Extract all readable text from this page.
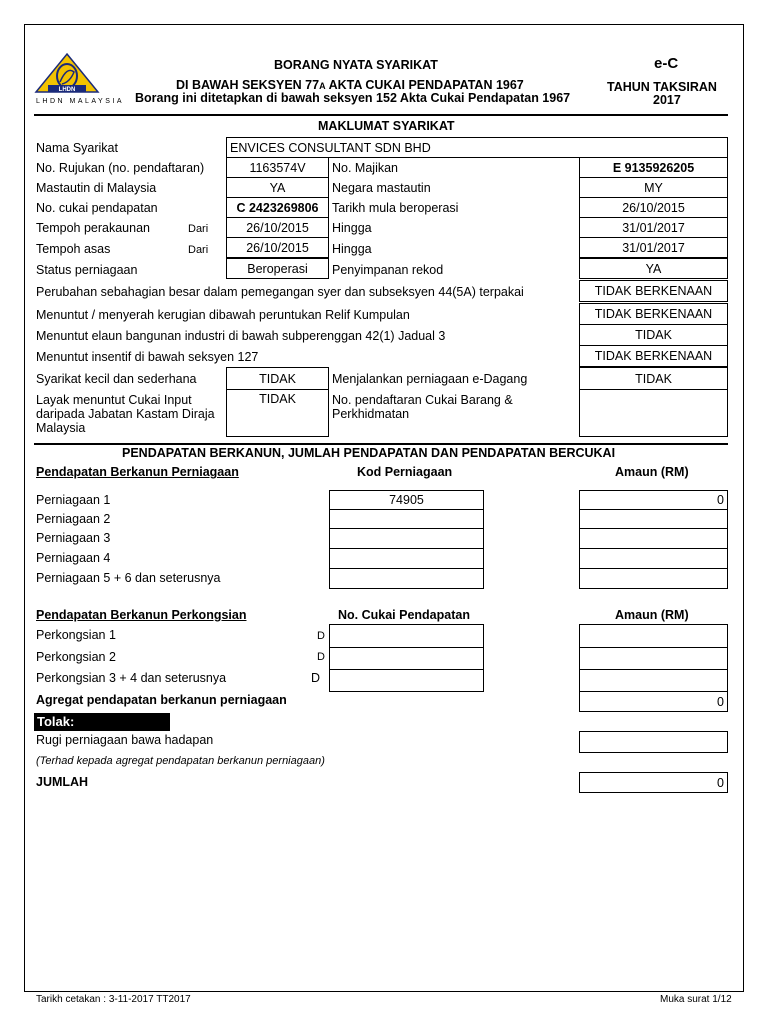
LHDN
LHDN MALAYSIA
BORANG NYATA SYARIKAT
DI BAWAH SEKSYEN 77A AKTA CUKAI PENDAPATAN 1967
Borang ini ditetapkan di bawah seksyen 152 Akta Cukai Pendapatan 1967
e-C
TAHUN TAKSIRAN
2017
MAKLUMAT SYARIKAT
Nama Syarikat	ENVICES CONSULTANT SDN BHD
No. Rujukan (no. pendaftaran)	1163574V	No. Majikan	E 9135926205
Mastautin di Malaysia	YA	Negara mastautin	MY
No. cukai pendapatan	C 2423269806	Tarikh mula beroperasi	26/10/2015
Tempoh perakaunan	Dari	26/10/2015	Hingga	31/01/2017
Tempoh asas	Dari	26/10/2015	Hingga	31/01/2017
Status perniagaan	Beroperasi	Penyimpanan rekod	YA
Perubahan sebahagian besar dalam pemegangan syer dan subseksyen 44(5A) terpakai	TIDAK BERKENAAN
Menuntut / menyerah kerugian dibawah peruntukan Relif Kumpulan	TIDAK BERKENAAN
Menuntut elaun bangunan industri di bawah subperenggan 42(1) Jadual 3	TIDAK
Menuntut insentif di bawah seksyen 127	TIDAK BERKENAAN
Syarikat kecil dan sederhana	TIDAK	Menjalankan perniagaan e-Dagang	TIDAK
Layak menuntut Cukai Input
daripada Jabatan Kastam Diraja
Malaysia
TIDAK	No. pendaftaran Cukai Barang &
Perkhidmatan
PENDAPATAN BERKANUN, JUMLAH PENDAPATAN DAN PENDAPATAN BERCUKAI
Pendapatan Berkanun Perniagaan	Kod Perniagaan	Amaun (RM)
Perniagaan 1	74905	0
Perniagaan 2
Perniagaan 3
Perniagaan 4
Perniagaan 5 + 6 dan seterusnya
Pendapatan Berkanun Perkongsian	No. Cukai Pendapatan	Amaun (RM)
Perkongsian 1	D
Perkongsian 2	D
Perkongsian 3 + 4 dan seterusnya	D
Agregat pendapatan berkanun perniagaan	0
Tolak:
Rugi perniagaan bawa hadapan
(Terhad kepada agregat pendapatan berkanun perniagaan)
JUMLAH	0
Tarikh cetakan : 3-11-2017 TT2017	Muka surat 1/12
